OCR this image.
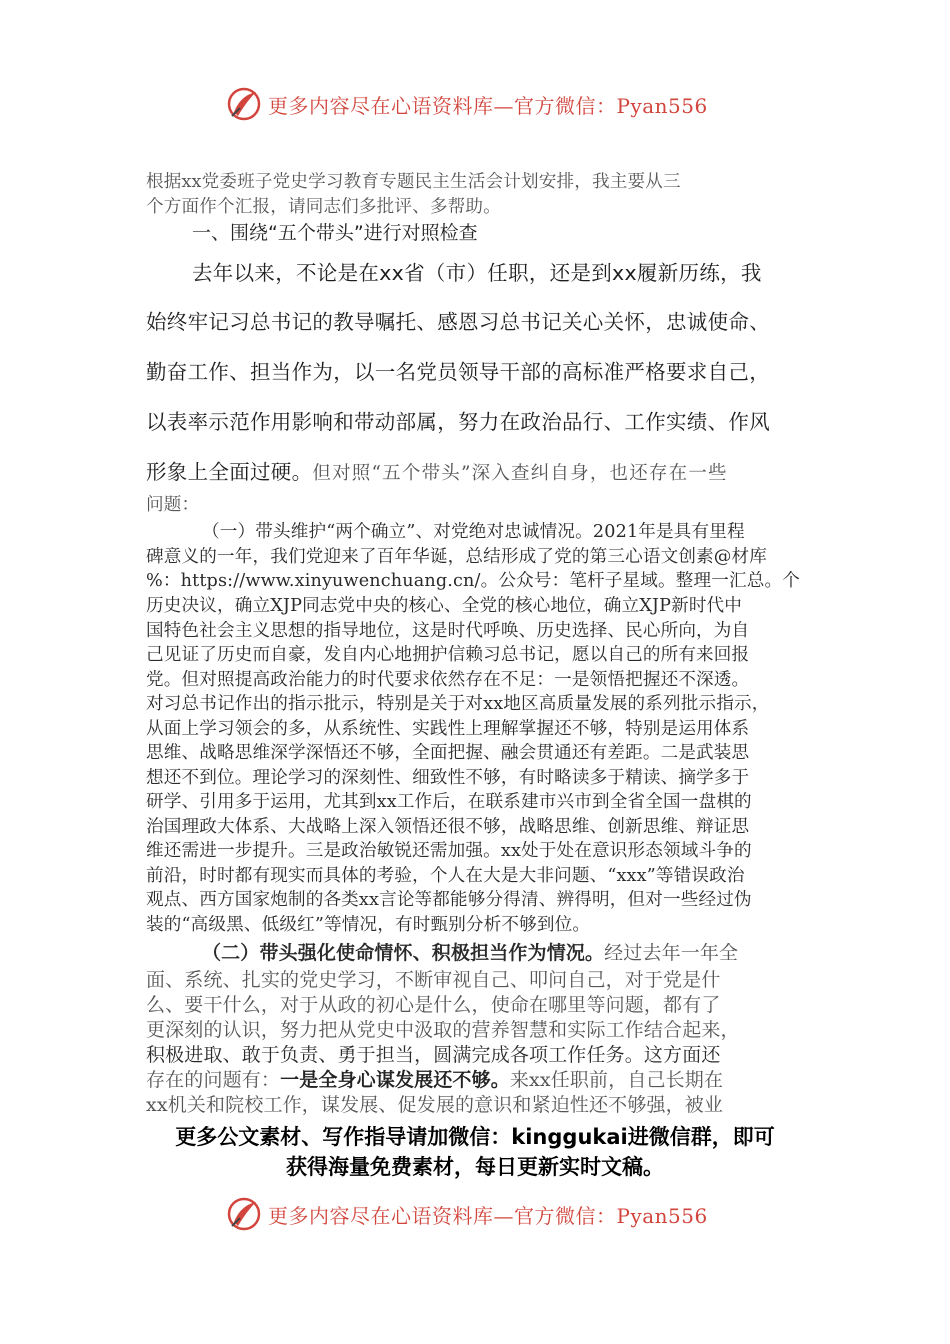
更多内容尽在心语资料库—官方微信：Pyan556
根据xx党委班子党史学习教育专题民主生活会计划安排，我主要从三
个方面作个汇报，请同志们多批评、多帮助。
一、围绕“五个带头”进行对照检查
去年以来，不论是在xx省（市）任职，还是到xx履新历练，我
始终牢记习总书记的教导嘱托、感恩习总书记关心关怀，忠诚使命、
勤奋工作、担当作为，以一名党员领导干部的高标准严格要求自己，
以表率示范作用影响和带动部属，努力在政治品行、工作实绩、作风
形象上全面过硬。但对照“五个带头”深入查纠自身，也还存在一些
问题：
（一）带头维护“两个确立”、对党绝对忠诚情况。2021年是具有里程
碑意义的一年，我们党迎来了百年华诞，总结形成了党的第三心语文创素@材库
%：https://www.xinyuwenchuang.cn/。公众号：笔杆子星域。整理一汇总。个
历史决议，确立XJP同志党中央的核心、全党的核心地位，确立XJP新时代中
国特色社会主义思想的指导地位，这是时代呼唤、历史选择、民心所向，为自
己见证了历史而自豪，发自内心地拥护信赖习总书记，愿以自己的所有来回报
党。但对照提高政治能力的时代要求依然存在不足：一是领悟把握还不深透。
对习总书记作出的指示批示，特别是关于对xx地区高质量发展的系列批示指示，
从面上学习领会的多，从系统性、实践性上理解掌握还不够，特别是运用体系
思维、战略思维深学深悟还不够，全面把握、融会贯通还有差距。二是武装思
想还不到位。理论学习的深刻性、细致性不够，有时略读多于精读、摘学多于
研学、引用多于运用，尤其到xx工作后，在联系建市兴市到全省全国一盘棋的
治国理政大体系、大战略上深入领悟还很不够，战略思维、创新思维、辩证思
维还需进一步提升。三是政治敏锐还需加强。xx处于处在意识形态领域斗争的
前沿，时时都有现实而具体的考验，个人在大是大非问题、“xxx”等错误政治
观点、西方国家炮制的各类xx言论等都能够分得清、辨得明，但对一些经过伪
装的“高级黑、低级红”等情况，有时甄别分析不够到位。
（二）带头强化使命情怀、积极担当作为情况。经过去年一年全
面、系统、扎实的党史学习，不断审视自己、叩问自己，对于党是什
么、要干什么，对于从政的初心是什么，使命在哪里等问题，都有了
更深刻的认识，努力把从党史中汲取的营养智慧和实际工作结合起来，
积极进取、敢于负责、勇于担当，圆满完成各项工作任务。这方面还
存在的问题有：一是全身心谋发展还不够。来xx任职前，自己长期在
xx机关和院校工作，谋发展、促发展的意识和紧迫性还不够强，被业
更多公文素材、写作指导请加微信：kinggukai进微信群，即可
获得海量免费素材，每日更新实时文稿。
更多内容尽在心语资料库—官方微信：Pyan556
